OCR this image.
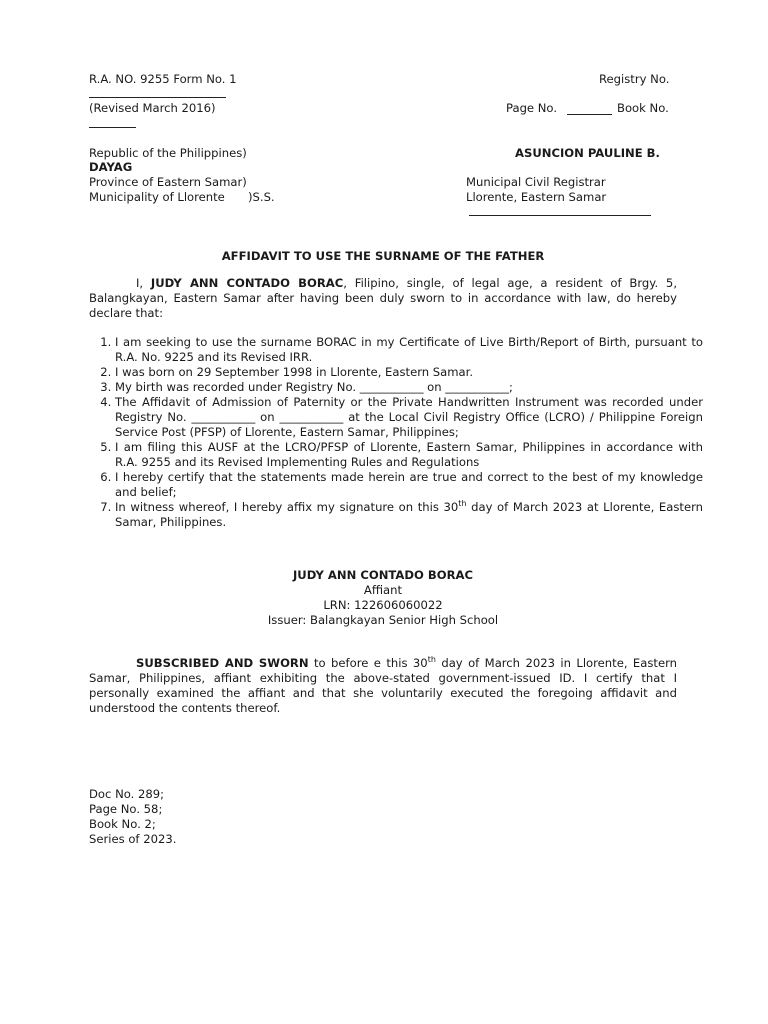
R.A. NO. 9255 Form No. 1
(Revised March 2016)
Registry No.
Page No.	Book No.
Republic of the Philippines)
DAYAG
Province of Eastern Samar)
Municipality of Llorente )S.S.
ASUNCION PAULINE B.
Municipal Civil Registrar
Llorente, Eastern Samar
AFFIDAVIT TO USE THE SURNAME OF THE FATHER
I, JUDY ANN CONTADO BORAC, Filipino, single, of legal age, a resident of Brgy. 5, Balangkayan, Eastern Samar after having been duly sworn to in accordance with law, do hereby declare that:
1. I am seeking to use the surname BORAC in my Certificate of Live Birth/Report of Birth, pursuant to R.A. No. 9225 and its Revised IRR.
2. I was born on 29 September 1998 in Llorente, Eastern Samar.
3. My birth was recorded under Registry No. ___________ on ___________;
4. The Affidavit of Admission of Paternity or the Private Handwritten Instrument was recorded under Registry No. ___________ on ___________ at the Local Civil Registry Office (LCRO) / Philippine Foreign Service Post (PFSP) of Llorente, Eastern Samar, Philippines;
5. I am filing this AUSF at the LCRO/PFSP of Llorente, Eastern Samar, Philippines in accordance with R.A. 9255 and its Revised Implementing Rules and Regulations
6. I hereby certify that the statements made herein are true and correct to the best of my knowledge and belief;
7. In witness whereof, I hereby affix my signature on this 30th day of March 2023 at Llorente, Eastern Samar, Philippines.
JUDY ANN CONTADO BORAC
Affiant
LRN: 122606060022
Issuer: Balangkayan Senior High School
SUBSCRIBED AND SWORN to before e this 30th day of March 2023 in Llorente, Eastern Samar, Philippines, affiant exhibiting the above-stated government-issued ID. I certify that I personally examined the affiant and that she voluntarily executed the foregoing affidavit and understood the contents thereof.
Doc No. 289;
Page No. 58;
Book No. 2;
Series of 2023.
